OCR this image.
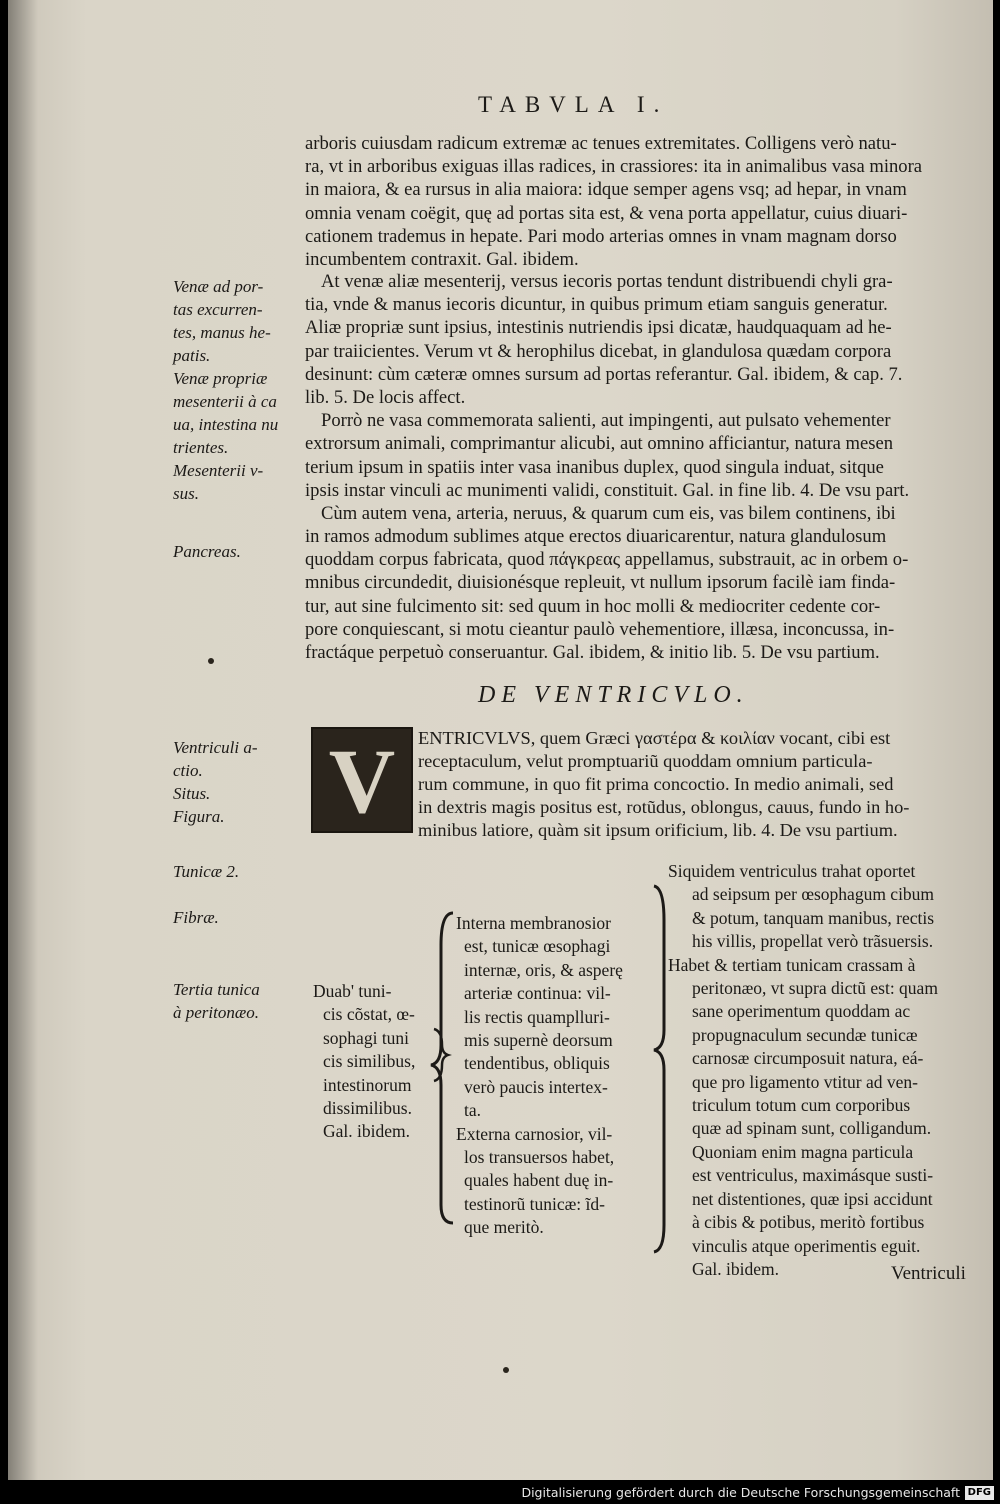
TABVLA I.
arboris cuiusdam radicum extremæ ac tenues extremitates. Colligens verò natu-
ra, vt in arboribus exiguas illas radices, in crassiores: ita in animalibus vasa minora
in maiora, & ea rursus in alia maiora: idque semper agens vsq; ad hepar, in vnam
omnia venam coëgit, quę ad portas sita est, & vena porta appellatur, cuius diuari-
cationem trademus in hepate. Pari modo arterias omnes in vnam magnam dorso
incumbentem contraxit. Gal. ibidem.
At venæ aliæ mesenterij, versus iecoris portas tendunt distribuendi chyli gra-
tia, vnde & manus iecoris dicuntur, in quibus primum etiam sanguis generatur.
Aliæ propriæ sunt ipsius, intestinis nutriendis ipsi dicatæ, haudquaquam ad he-
par traiicientes. Verum vt & herophilus dicebat, in glandulosa quædam corpora
desinunt: cùm cæteræ omnes sursum ad portas referantur. Gal. ibidem, & cap. 7.
lib. 5. De locis affect.
Porrò ne vasa commemorata salienti, aut impingenti, aut pulsato vehementer
extrorsum animali, comprimantur alicubi, aut omnino afficiantur, natura mesen
terium ipsum in spatiis inter vasa inanibus duplex, quod singula induat, sitque
ipsis instar vinculi ac munimenti validi, constituit. Gal. in fine lib. 4. De vsu part.
Cùm autem vena, arteria, neruus, & quarum cum eis, vas bilem continens, ibi
in ramos admodum sublimes atque erectos diuaricarentur, natura glandulosum
quoddam corpus fabricata, quod πάγκρεας appellamus, substrauit, ac in orbem o-
mnibus circundedit, diuisionésque repleuit, vt nullum ipsorum facilè iam finda-
tur, aut sine fulcimento sit: sed quum in hoc molli & mediocriter cedente cor-
pore conquiescant, si motu cieantur paulò vehementiore, illæsa, inconcussa, in-
fractáque perpetuò conseruantur. Gal. ibidem, & initio lib. 5. De vsu partium.
Venæ ad por-
tas excurren-
tes, manus he-
patis.
Venæ propriæ
mesenterii à ca
ua, intestina nu
trientes.
Mesenterii v-
sus.
Pancreas.
DE VENTRICVLO.
V	ENTRICVLVS, quem Græci γαστέρα & κοιλίαν vocant, cibi est
receptaculum, velut promptuariũ quoddam omnium particula-
rum commune, in quo fit prima concoctio. In medio animali, sed
in dextris magis positus est, rotũdus, oblongus, cauus, fundo in ho-
minibus latiore, quàm sit ipsum orificium, lib. 4. De vsu partium.
Ventriculi a-
ctio.
Situs.
Figura.
Tunicæ 2.
Fibræ.
Tertia tunica
à peritonæo.
Duab' tuni-
cis cõstat, œ-
sophagi tuni
cis similibus,
intestinorum
dissimilibus.
Gal. ibidem.
Interna membranosior
est, tunicæ œsophagi
internæ, oris, & asperę
arteriæ continua: vil-
lis rectis quamplluri-
mis supernè deorsum
tendentibus, obliquis
verò paucis intertex-
ta.
Externa carnosior, vil-
los transuersos habet,
quales habent duę in-
testinorũ tunicæ: ĩd-
que meritò.
Siquidem ventriculus trahat oportet
ad seipsum per œsophagum cibum
& potum, tanquam manibus, rectis
his villis, propellat verò trãsuersis.
Habet & tertiam tunicam crassam à
peritonæo, vt supra dictũ est: quam
sane operimentum quoddam ac
propugnaculum secundæ tunicæ
carnosæ circumposuit natura, eá-
que pro ligamento vtitur ad ven-
triculum totum cum corporibus
quæ ad spinam sunt, colligandum.
Quoniam enim magna particula
est ventriculus, maximásque susti-
net distentiones, quæ ipsi accidunt
à cibis & potibus, meritò fortibus
vinculis atque operimentis eguit.
Gal. ibidem.	Ventriculi
Digitalisierung gefördert durch die Deutsche Forschungsgemeinschaft DFG
